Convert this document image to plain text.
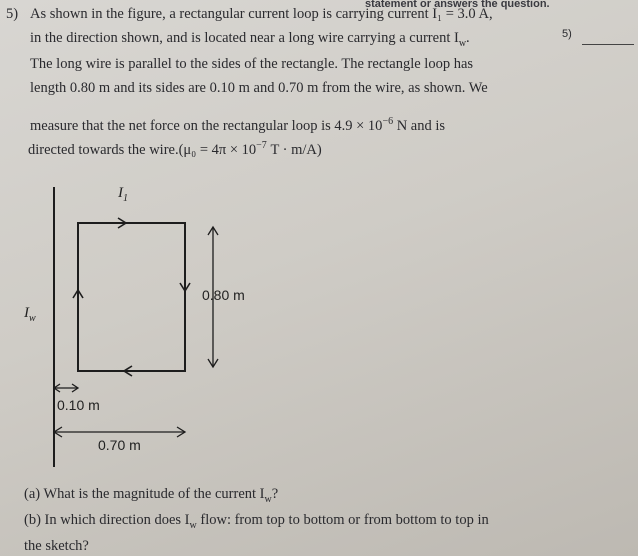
statement or answers the question.
5) As shown in the figure, a rectangular current loop is carrying current I₁ = 3.0 A,
5)
in the direction shown, and is located near a long wire carrying a current $I_w$.
The long wire is parallel to the sides of the rectangle. The rectangle loop has
length 0.80 m and its sides are 0.10 m and 0.70 m from the wire, as shown. We
measure that the net force on the rectangular loop is $4.9 \times 10^{-6}$ N and is
directed towards the wire.(μ₀ = $4\pi \times 10^{-7}$ T · m/A)
$I_1$
$I_w$
0.80 m
0.10 m
0.70 m
(a) What is the magnitude of the current $I_w$?
(b) In which direction does $I_w$ flow: from top to bottom or from bottom to top in
the sketch?
